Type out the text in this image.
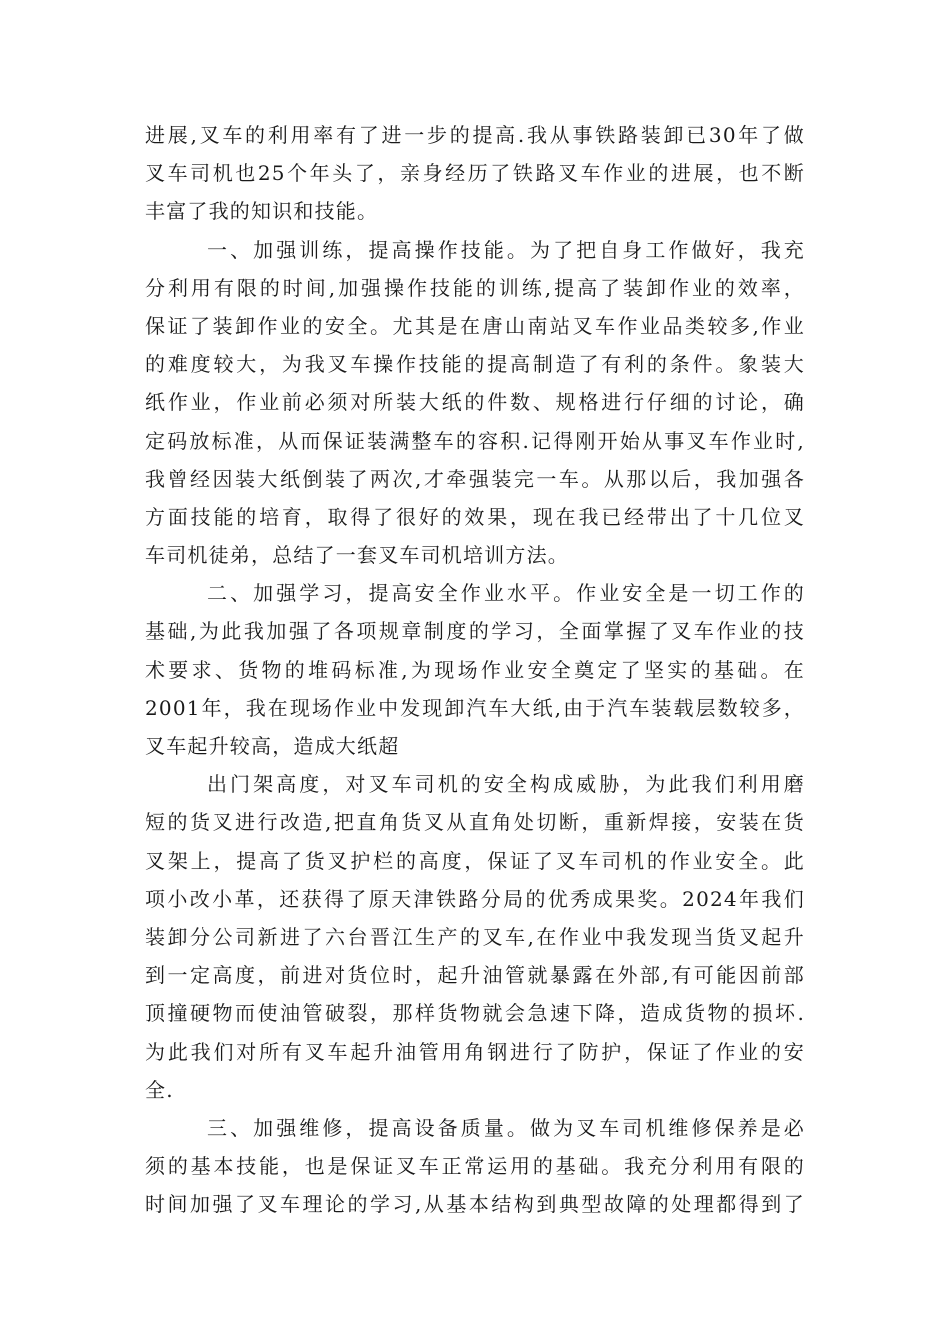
进展,叉车的利用率有了进一步的提高.我从事铁路装卸已30年了做
叉车司机也25个年头了，亲身经历了铁路叉车作业的进展，也不断
丰富了我的知识和技能。
一、加强训练，提高操作技能。为了把自身工作做好，我充
分利用有限的时间,加强操作技能的训练,提高了装卸作业的效率，
保证了装卸作业的安全。尤其是在唐山南站叉车作业品类较多,作业
的难度较大，为我叉车操作技能的提高制造了有利的条件。象装大
纸作业，作业前必须对所装大纸的件数、规格进行仔细的讨论，确
定码放标准，从而保证装满整车的容积.记得刚开始从事叉车作业时,
我曾经因装大纸倒装了两次,才牵强装完一车。从那以后，我加强各
方面技能的培育，取得了很好的效果，现在我已经带出了十几位叉
车司机徒弟，总结了一套叉车司机培训方法。
二、加强学习，提高安全作业水平。作业安全是一切工作的
基础,为此我加强了各项规章制度的学习，全面掌握了叉车作业的技
术要求、货物的堆码标准,为现场作业安全奠定了坚实的基础。在
2001年，我在现场作业中发现卸汽车大纸,由于汽车装载层数较多，
叉车起升较高，造成大纸超
出门架高度，对叉车司机的安全构成威胁，为此我们利用磨
短的货叉进行改造,把直角货叉从直角处切断，重新焊接，安装在货
叉架上，提高了货叉护栏的高度，保证了叉车司机的作业安全。此
项小改小革，还获得了原天津铁路分局的优秀成果奖。2024年我们
装卸分公司新进了六台晋江生产的叉车,在作业中我发现当货叉起升
到一定高度，前进对货位时，起升油管就暴露在外部,有可能因前部
顶撞硬物而使油管破裂，那样货物就会急速下降，造成货物的损坏.
为此我们对所有叉车起升油管用角钢进行了防护，保证了作业的安
全.
三、加强维修，提高设备质量。做为叉车司机维修保养是必
须的基本技能，也是保证叉车正常运用的基础。我充分利用有限的
时间加强了叉车理论的学习,从基本结构到典型故障的处理都得到了
